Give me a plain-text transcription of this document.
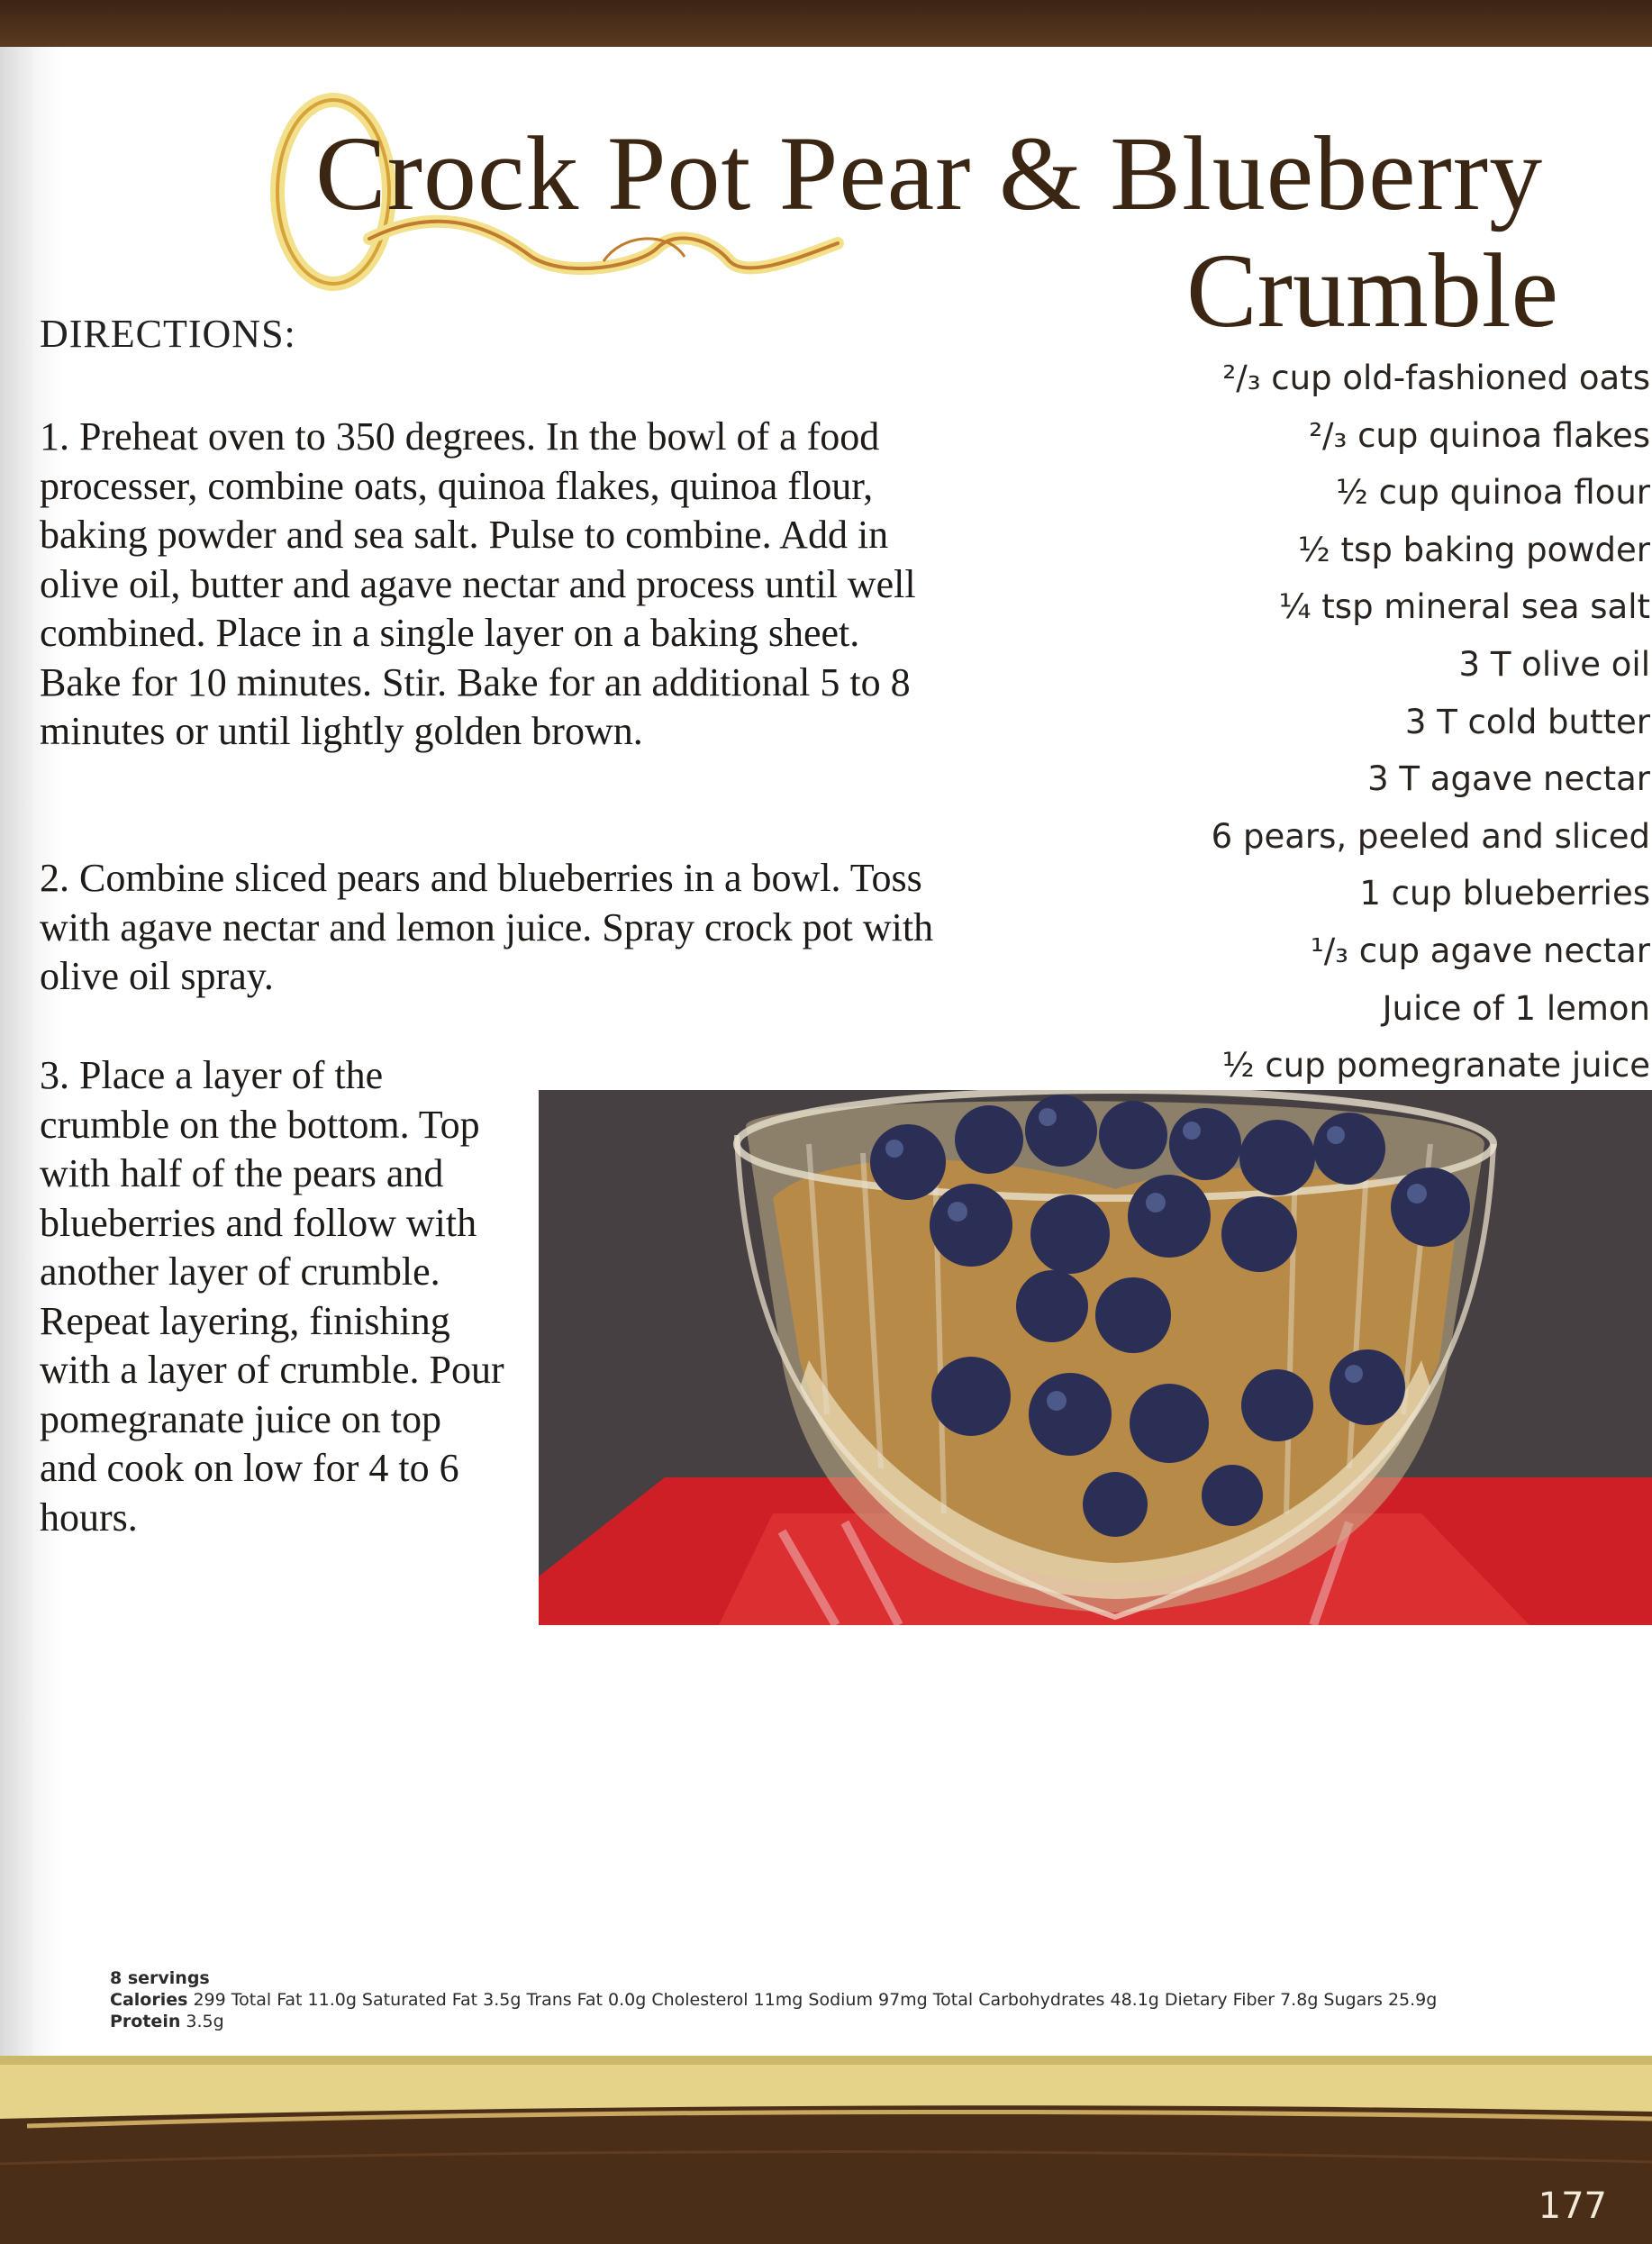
Crock Pot Pear & Blueberry
Crumble
DIRECTIONS:
1. Preheat oven to 350 degrees. In the bowl of a food processer, combine oats, quinoa flakes, quinoa flour, baking powder and sea salt. Pulse to combine. Add in olive oil, butter and agave nectar and process until well combined. Place in a single layer on a baking sheet. Bake for 10 minutes. Stir. Bake for an additional 5 to 8 minutes or until lightly golden brown.
2. Combine sliced pears and blueberries in a bowl. Toss with agave nectar and lemon juice. Spray crock pot with olive oil spray.
3. Place a layer of the crumble on the bottom. Top with half of the pears and blueberries and follow with another layer of crumble. Repeat layering, finishing with a layer of crumble. Pour pomegranate juice on top and cook on low for 4 to 6 hours.
²/₃ cup old-fashioned oats
²/₃ cup quinoa flakes
½ cup quinoa flour
½ tsp baking powder
¼ tsp mineral sea salt
3 T olive oil
3 T cold butter
3 T agave nectar
6 pears, peeled and sliced
1 cup blueberries
¹/₃ cup agave nectar
Juice of 1 lemon
½ cup pomegranate juice
8 servings
Calories 299 Total Fat 11.0g Saturated Fat 3.5g Trans Fat 0.0g Cholesterol 11mg Sodium 97mg Total Carbohydrates 48.1g Dietary Fiber 7.8g Sugars 25.9g
Protein 3.5g
177
